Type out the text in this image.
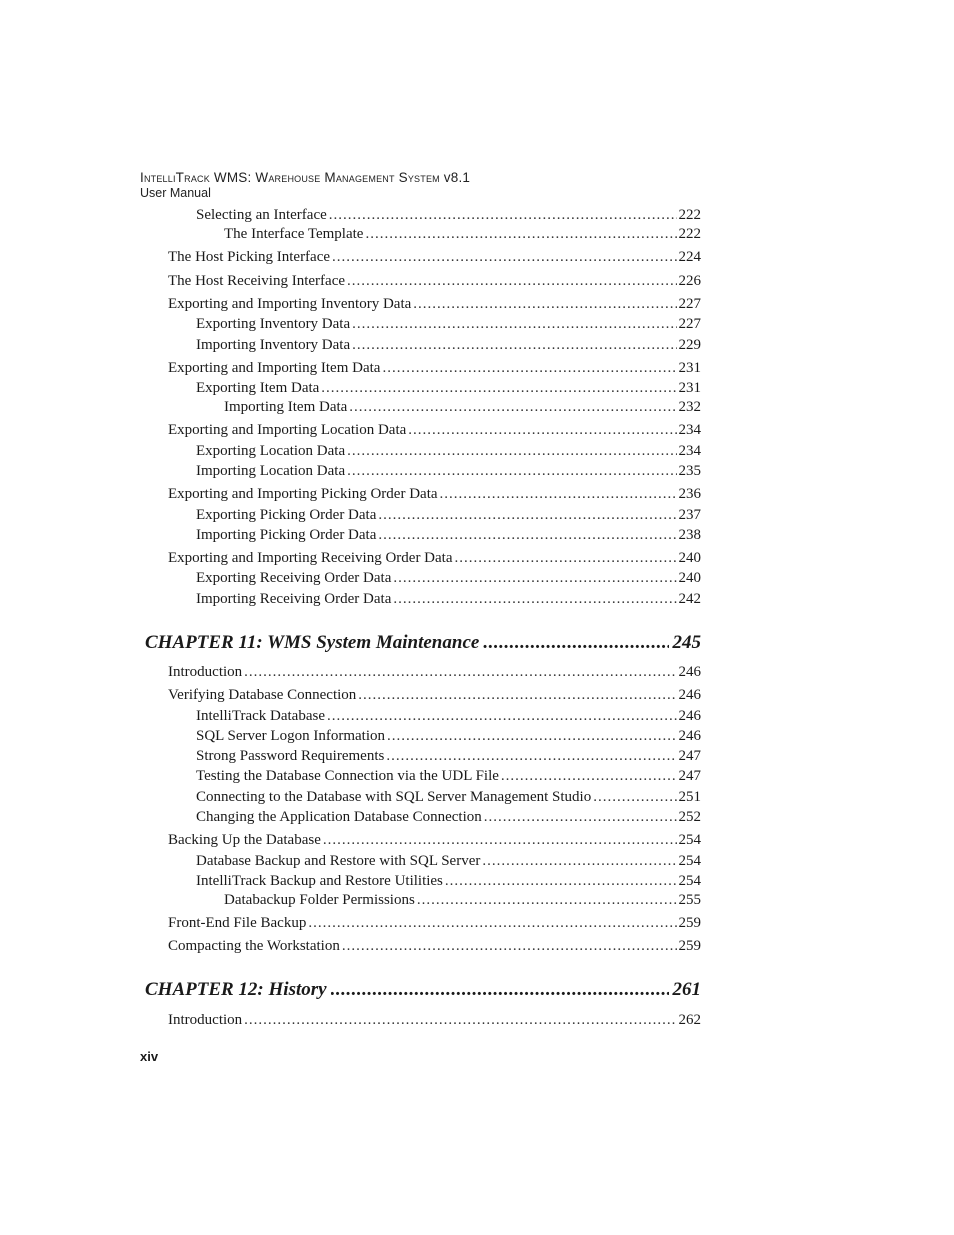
IntelliTrack WMS: Warehouse Management System v8.1
User Manual
Selecting an Interface .....	222
The Interface Template .....	222
The Host Picking Interface .....	224
The Host Receiving Interface .....	226
Exporting and Importing Inventory Data .....	227
Exporting Inventory Data .....	227
Importing Inventory Data .....	229
Exporting and Importing Item Data .....	231
Exporting Item Data .....	231
Importing Item Data .....	232
Exporting and Importing Location Data .....	234
Exporting Location Data .....	234
Importing Location Data .....	235
Exporting and Importing Picking Order Data .....	236
Exporting Picking Order Data .....	237
Importing Picking Order Data .....	238
Exporting and Importing Receiving Order Data .....	240
Exporting Receiving Order Data .....	240
Importing Receiving Order Data .....	242
CHAPTER 11: WMS System Maintenance .....	245
Introduction .....	246
Verifying Database Connection .....	246
IntelliTrack Database .....	246
SQL Server Logon Information .....	246
Strong Password Requirements .....	247
Testing the Database Connection via the UDL File .....	247
Connecting to the Database with SQL Server Management Studio .....	251
Changing the Application Database Connection .....	252
Backing Up the Database .....	254
Database Backup and Restore with SQL Server .....	254
IntelliTrack Backup and Restore Utilities .....	254
Databackup Folder Permissions .....	255
Front-End File Backup .....	259
Compacting the Workstation .....	259
CHAPTER 12: History .....	261
Introduction .....	262
xiv
